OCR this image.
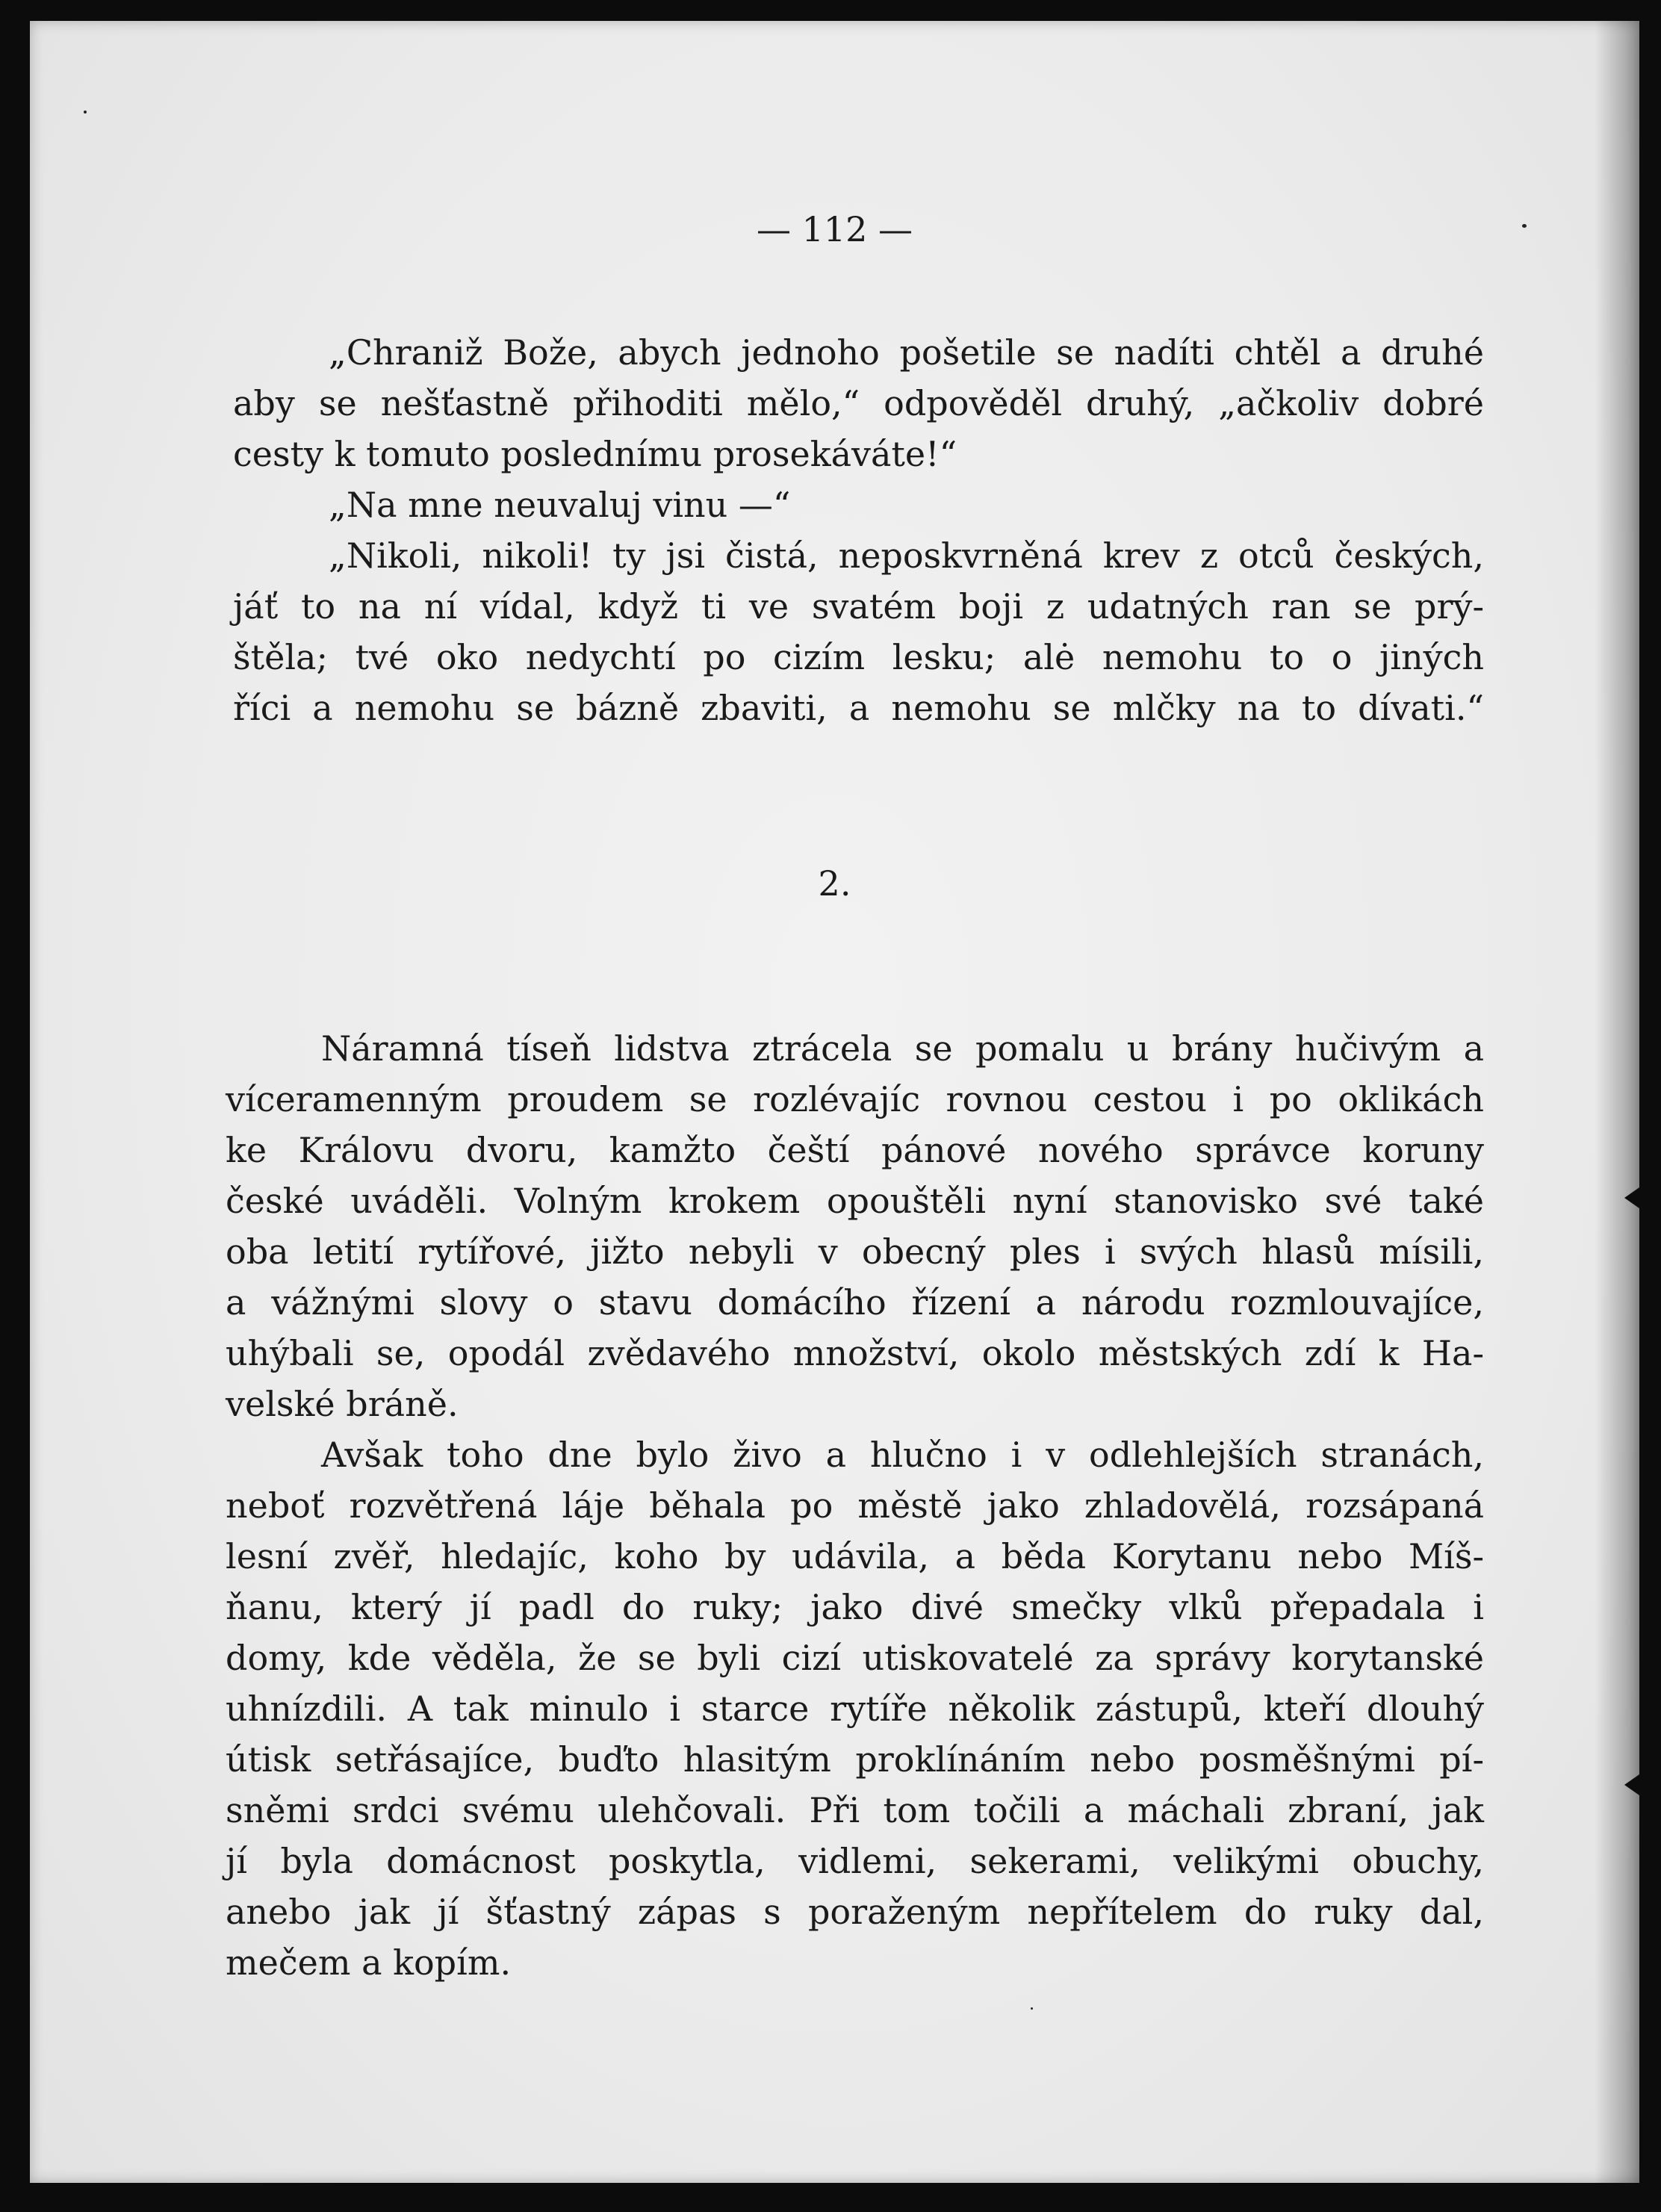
— 112 —
„Chraniž Bože, abych jednoho pošetile se nadíti chtěl a druhé
aby se nešťastně přihoditi mělo,“ odpověděl druhý, „ačkoliv dobré
cesty k tomuto poslednímu prosekáváte!“
„Na mne neuvaluj vinu —“
„Nikoli, nikoli! ty jsi čistá, neposkvrněná krev z otců českých,
jáť to na ní vídal, když ti ve svatém boji z udatných ran se prý-
štěla; tvé oko nedychtí po cizím lesku; alė nemohu to o jiných
říci a nemohu se bázně zbaviti, a nemohu se mlčky na to dívati.“
2.
Náramná tíseň lidstva ztrácela se pomalu u brány hučivým a
víceramenným proudem se rozlévajíc rovnou cestou i po oklikách
ke Královu dvoru, kamžto čeští pánové nového správce koruny
české uváděli. Volným krokem opouštěli nyní stanovisko své také
oba letití rytířové, jižto nebyli v obecný ples i svých hlasů mísili,
a vážnými slovy o stavu domácího řízení a národu rozmlouvajíce,
uhýbali se, opodál zvědavého množství, okolo městských zdí k Ha-
velské bráně.
Avšak toho dne bylo živo a hlučno i v odlehlejších stranách,
neboť rozvětřená láje běhala po městě jako zhladovělá, rozsápaná
lesní zvěř, hledajíc, koho by udávila, a běda Korytanu nebo Míš-
ňanu, který jí padl do ruky; jako divé smečky vlků přepadala i
domy, kde věděla, že se byli cizí utiskovatelé za správy korytanské
uhnízdili. A tak minulo i starce rytíře několik zástupů, kteří dlouhý
útisk setřásajíce, buďto hlasitým proklínáním nebo posměšnými pí-
sněmi srdci svému ulehčovali. Při tom točili a máchali zbraní, jak
jí byla domácnost poskytla, vidlemi, sekerami, velikými obuchy,
anebo jak jí šťastný zápas s poraženým nepřítelem do ruky dal,
mečem a kopím.
